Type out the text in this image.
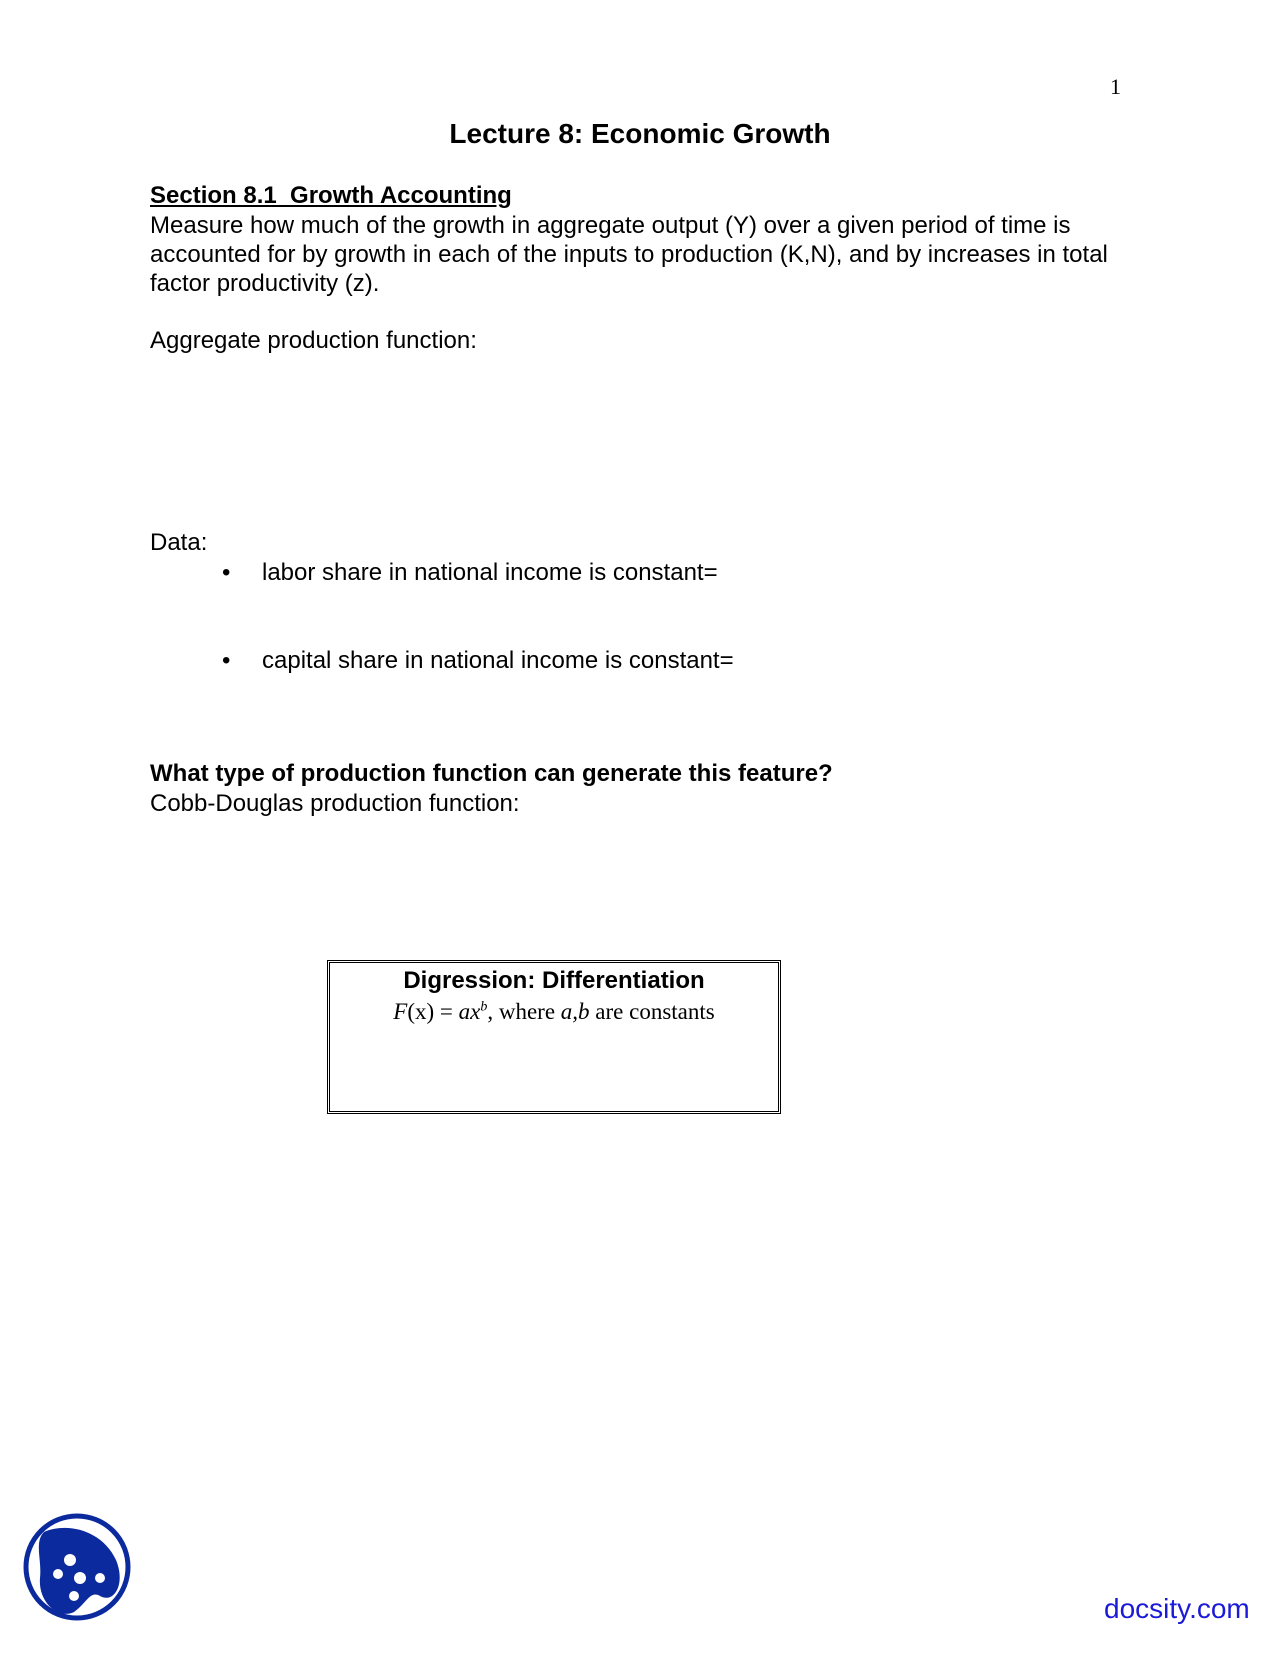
1
Lecture 8: Economic Growth
Section 8.1  Growth Accounting
Measure how much of the growth in aggregate output (Y) over a given period of time is accounted for by growth in each of the inputs to production (K,N), and by increases in total factor productivity (z).
Aggregate production function:
Data:
• labor share in national income is constant=
• capital share in national income is constant=
What type of production function can generate this feature?
Cobb-Douglas production function:
Digression: Differentiation
$F(x) = ax^b$, where a,b are constants
docsity.com
